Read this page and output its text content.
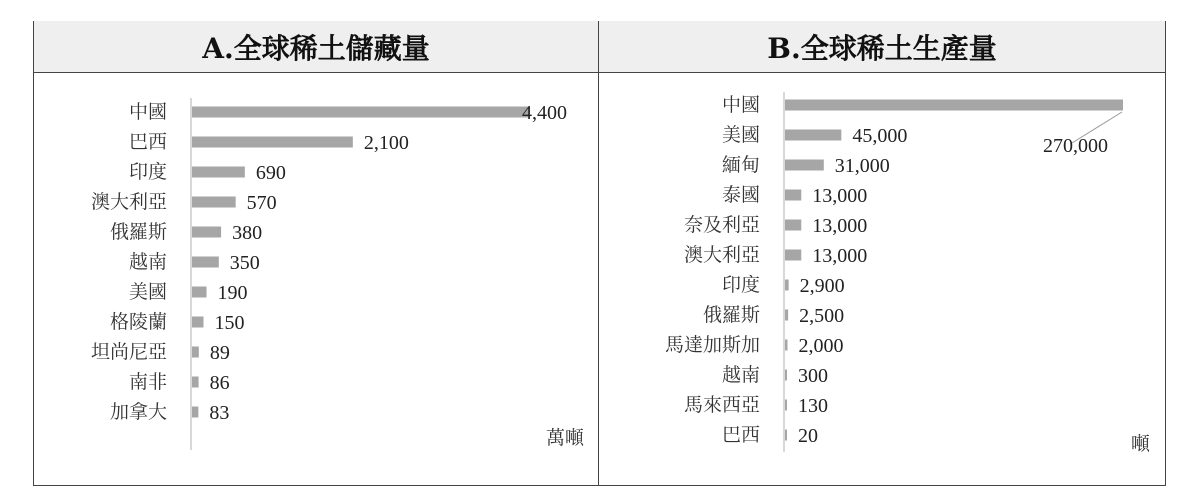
A.全球稀土儲藏量	B.全球稀土生產量
中國	4,400
巴西	2,100
印度	690
澳大利亞	570
俄羅斯	380
越南	350
美國	190
格陵蘭 150
坦尚尼亞 89
南非 86
加拿大 83
萬噸
中國
270,000
美國	45,000
緬甸	31,000
泰國	13,000
奈及利亞	13,000
澳大利亞	13,000
印度 2,900
俄羅斯 2,500
馬達加斯加 2,000
越南 300
馬來西亞 130
巴西 20	噸
